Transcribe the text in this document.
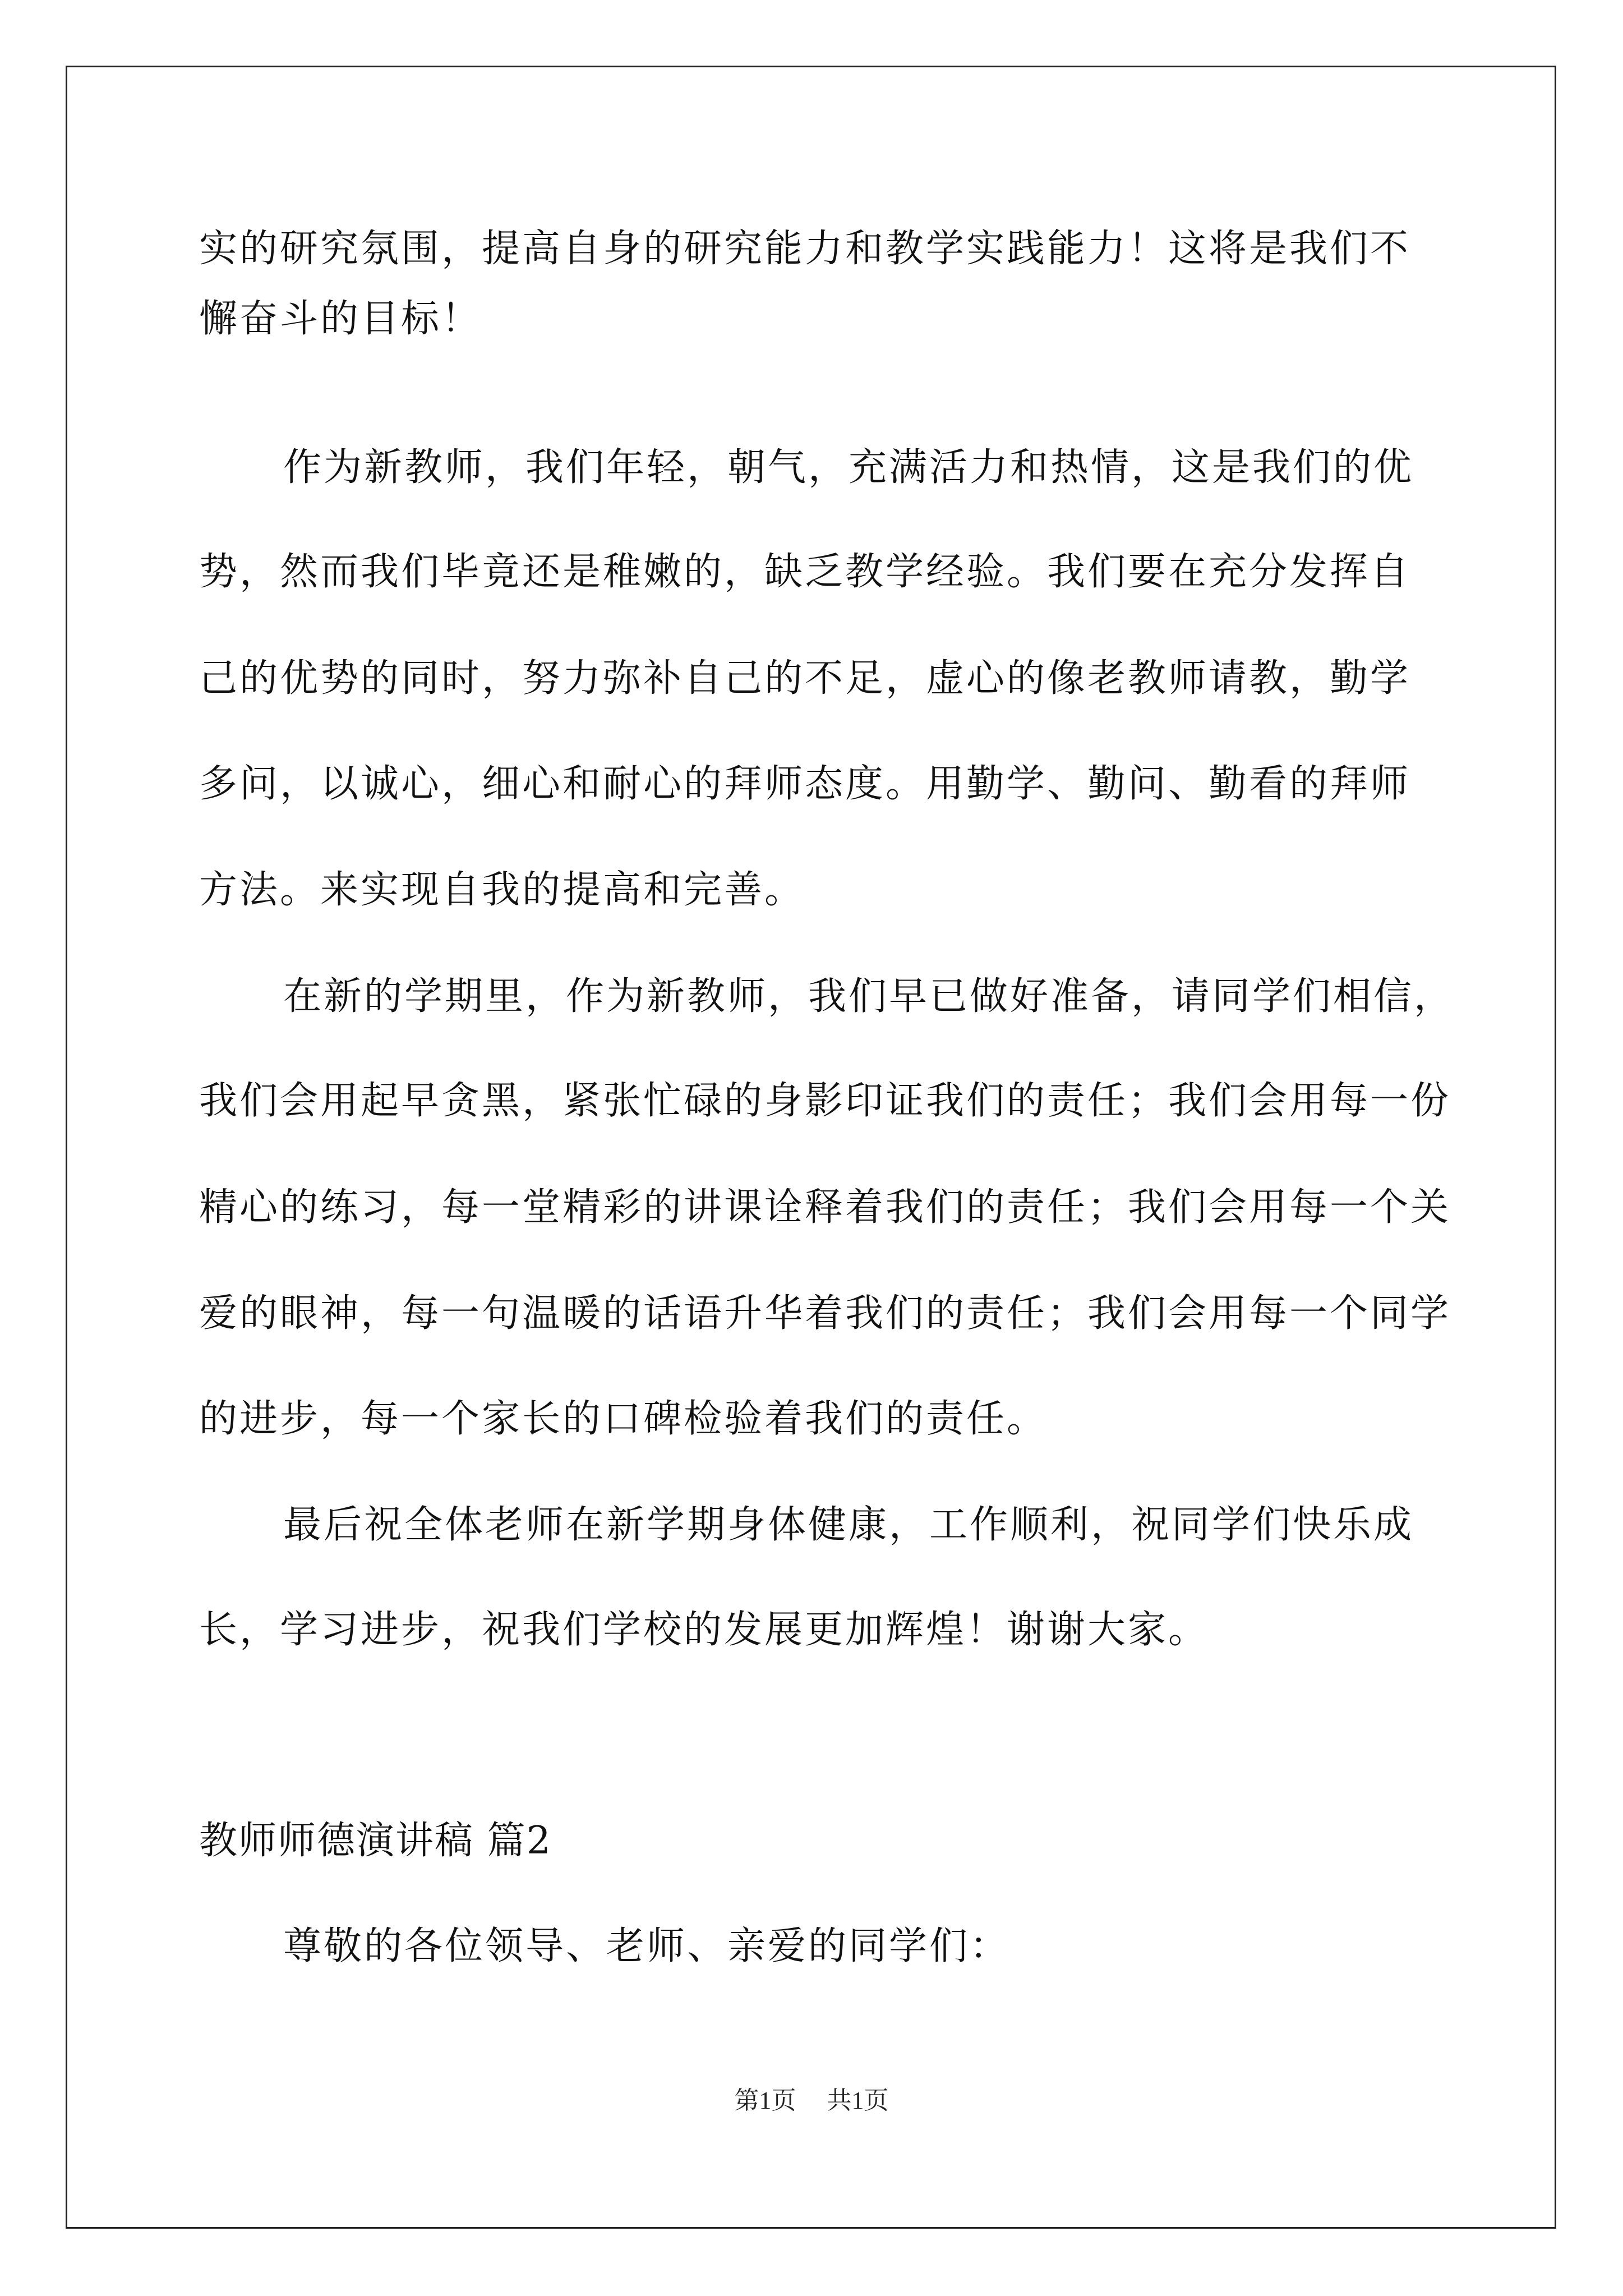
实的研究氛围，提高自身的研究能力和教学实践能力！这将是我们不
懈奋斗的目标！
作为新教师，我们年轻，朝气，充满活力和热情，这是我们的优
势，然而我们毕竟还是稚嫩的，缺乏教学经验。我们要在充分发挥自
己的优势的同时，努力弥补自己的不足，虚心的像老教师请教，勤学
多问，以诚心，细心和耐心的拜师态度。用勤学、勤问、勤看的拜师
方法。来实现自我的提高和完善。
在新的学期里，作为新教师，我们早已做好准备，请同学们相信，
我们会用起早贪黑，紧张忙碌的身影印证我们的责任；我们会用每一份
精心的练习，每一堂精彩的讲课诠释着我们的责任；我们会用每一个关
爱的眼神，每一句温暖的话语升华着我们的责任；我们会用每一个同学
的进步，每一个家长的口碑检验着我们的责任。
最后祝全体老师在新学期身体健康，工作顺利，祝同学们快乐成
长，学习进步，祝我们学校的发展更加辉煌！谢谢大家。
教师师德演讲稿 篇2
尊敬的各位领导、老师、亲爱的同学们：
第1页 共1页
